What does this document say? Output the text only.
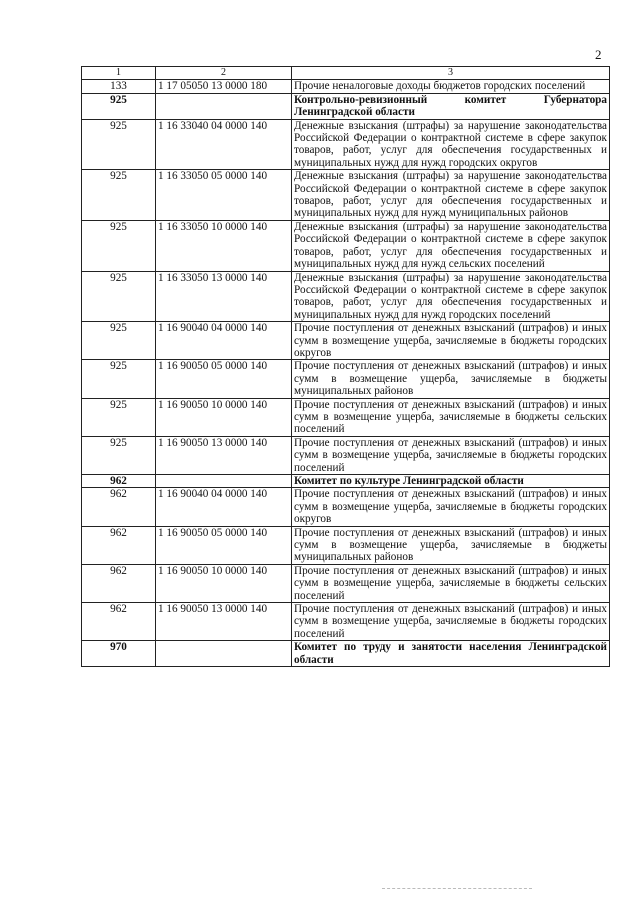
2
1	2	3
133	1 17 05050 13 0000 180	Прочие неналоговые доходы бюджетов городских поселений
925		Контрольно-ревизионный комитет Губернатора Ленинградской области
925	1 16 33040 04 0000 140	Денежные взыскания (штрафы) за нарушение законодательства Российской Федерации о контрактной системе в сфере закупок товаров, работ, услуг для обеспечения государственных и муниципальных нужд для нужд городских округов
925	1 16 33050 05 0000 140	Денежные взыскания (штрафы) за нарушение законодательства Российской Федерации о контрактной системе в сфере закупок товаров, работ, услуг для обеспечения государственных и муниципальных нужд для нужд муниципальных районов
925	1 16 33050 10 0000 140	Денежные взыскания (штрафы) за нарушение законодательства Российской Федерации о контрактной системе в сфере закупок товаров, работ, услуг для обеспечения государственных и муниципальных нужд для нужд сельских поселений
925	1 16 33050 13 0000 140	Денежные взыскания (штрафы) за нарушение законодательства Российской Федерации о контрактной системе в сфере закупок товаров, работ, услуг для обеспечения государственных и муниципальных нужд для нужд городских поселений
925	1 16 90040 04 0000 140	Прочие поступления от денежных взысканий (штрафов) и иных сумм в возмещение ущерба, зачисляемые в бюджеты городских округов
925	1 16 90050 05 0000 140	Прочие поступления от денежных взысканий (штрафов) и иных сумм в возмещение ущерба, зачисляемые в бюджеты муниципальных районов
925	1 16 90050 10 0000 140	Прочие поступления от денежных взысканий (штрафов) и иных сумм в возмещение ущерба, зачисляемые в бюджеты сельских поселений
925	1 16 90050 13 0000 140	Прочие поступления от денежных взысканий (штрафов) и иных сумм в возмещение ущерба, зачисляемые в бюджеты городских поселений
962		Комитет по культуре Ленинградской области
962	1 16 90040 04 0000 140	Прочие поступления от денежных взысканий (штрафов) и иных сумм в возмещение ущерба, зачисляемые в бюджеты городских округов
962	1 16 90050 05 0000 140	Прочие поступления от денежных взысканий (штрафов) и иных сумм в возмещение ущерба, зачисляемые в бюджеты муниципальных районов
962	1 16 90050 10 0000 140	Прочие поступления от денежных взысканий (штрафов) и иных сумм в возмещение ущерба, зачисляемые в бюджеты сельских поселений
962	1 16 90050 13 0000 140	Прочие поступления от денежных взысканий (штрафов) и иных сумм в возмещение ущерба, зачисляемые в бюджеты городских поселений
970		Комитет по труду и занятости населения Ленинградской области
